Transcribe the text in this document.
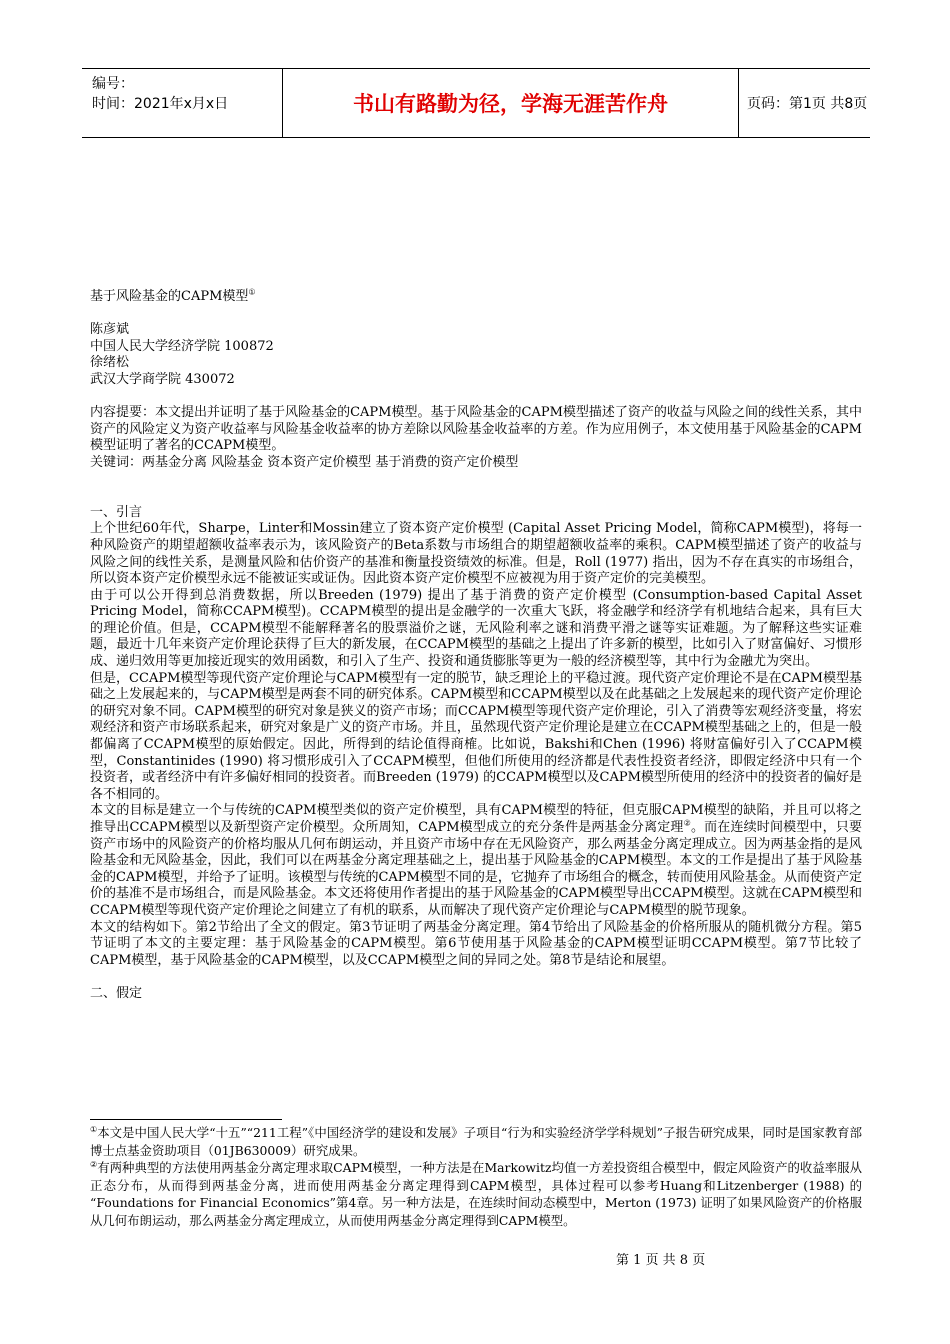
编号：
时间：2021年x月x日	书山有路勤为径，学海无涯苦作舟	页码：第1页 共8页

基于风险基金的CAPM模型①

陈彦斌

中国人民大学经济学院 100872

徐绪松

武汉大学商学院 430072

内容提要：本文提出并证明了基于风险基金的CAPM模型。基于风险基金的CAPM模型描述了资产的收益与风险之间的线性关系，其中资产的风险定义为资产收益率与风险基金收益率的协方差除以风险基金收益率的方差。作为应用例子，本文使用基于风险基金的CAPM模型证明了著名的CCAPM模型。

关键词：两基金分离 风险基金 资本资产定价模型 基于消费的资产定价模型

一、引言

上个世纪60年代，Sharpe，Linter和Mossin建立了资本资产定价模型 (Capital Asset Pricing Model，简称CAPM模型)，将每一种风险资产的期望超额收益率表示为，该风险资产的Beta系数与市场组合的期望超额收益率的乘积。CAPM模型描述了资产的收益与风险之间的线性关系，是测量风险和估价资产的基准和衡量投资绩效的标准。但是，Roll (1977) 指出，因为不存在真实的市场组合，所以资本资产定价模型永远不能被证实或证伪。因此资本资产定价模型不应被视为用于资产定价的完美模型。

由于可以公开得到总消费数据，所以Breeden (1979) 提出了基于消费的资产定价模型 (Consumption-based Capital Asset Pricing Model，简称CCAPM模型)。CCAPM模型的提出是金融学的一次重大飞跃，将金融学和经济学有机地结合起来，具有巨大的理论价值。但是，CCAPM模型不能解释著名的股票溢价之谜，无风险利率之谜和消费平滑之谜等实证难题。为了解释这些实证难题，最近十几年来资产定价理论获得了巨大的新发展，在CCAPM模型的基础之上提出了许多新的模型，比如引入了财富偏好、习惯形成、递归效用等更加接近现实的效用函数，和引入了生产、投资和通货膨胀等更为一般的经济模型等，其中行为金融尤为突出。

但是，CCAPM模型等现代资产定价理论与CAPM模型有一定的脱节，缺乏理论上的平稳过渡。现代资产定价理论不是在CAPM模型基础之上发展起来的，与CAPM模型是两套不同的研究体系。CAPM模型和CCAPM模型以及在此基础之上发展起来的现代资产定价理论的研究对象不同。CAPM模型的研究对象是狭义的资产市场；而CCAPM模型等现代资产定价理论，引入了消费等宏观经济变量，将宏观经济和资产市场联系起来，研究对象是广义的资产市场。并且，虽然现代资产定价理论是建立在CCAPM模型基础之上的，但是一般都偏离了CCAPM模型的原始假定。因此，所得到的结论值得商榷。比如说，Bakshi和Chen (1996) 将财富偏好引入了CCAPM模型，Constantinides (1990) 将习惯形成引入了CCAPM模型，但他们所使用的经济都是代表性投资者经济，即假定经济中只有一个投资者，或者经济中有许多偏好相同的投资者。而Breeden (1979) 的CCAPM模型以及CAPM模型所使用的经济中的投资者的偏好是各不相同的。

本文的目标是建立一个与传统的CAPM模型类似的资产定价模型，具有CAPM模型的特征，但克服CAPM模型的缺陷，并且可以将之推导出CCAPM模型以及新型资产定价模型。众所周知，CAPM模型成立的充分条件是两基金分离定理②。而在连续时间模型中，只要资产市场中的风险资产的价格均服从几何布朗运动，并且资产市场中存在无风险资产，那么两基金分离定理成立。因为两基金指的是风险基金和无风险基金，因此，我们可以在两基金分离定理基础之上，提出基于风险基金的CAPM模型。本文的工作是提出了基于风险基金的CAPM模型，并给予了证明。该模型与传统的CAPM模型不同的是，它抛弃了市场组合的概念，转而使用风险基金。从而使资产定价的基准不是市场组合，而是风险基金。本文还将使用作者提出的基于风险基金的CAPM模型导出CCAPM模型。这就在CAPM模型和CCAPM模型等现代资产定价理论之间建立了有机的联系，从而解决了现代资产定价理论与CAPM模型的脱节现象。

本文的结构如下。第2节给出了全文的假定。第3节证明了两基金分离定理。第4节给出了风险基金的价格所服从的随机微分方程。第5节证明了本文的主要定理：基于风险基金的CAPM模型。第6节使用基于风险基金的CAPM模型证明CCAPM模型。第7节比较了CAPM模型，基于风险基金的CAPM模型，以及CCAPM模型之间的异同之处。第8节是结论和展望。

二、假定

①本文是中国人民大学“十五”“211工程”《中国经济学的建设和发展》子项目“行为和实验经济学学科规划”子报告研究成果，同时是国家教育部博士点基金资助项目（01JB630009）研究成果。

②有两种典型的方法使用两基金分离定理求取CAPM模型，一种方法是在Markowitz均值一方差投资组合模型中，假定风险资产的收益率服从正态分布，从而得到两基金分离，进而使用两基金分离定理得到CAPM模型，具体过程可以参考Huang和Litzenberger (1988) 的 “Foundations for Financial Economics”第4章。另一种方法是，在连续时间动态模型中，Merton (1973) 证明了如果风险资产的价格服从几何布朗运动，那么两基金分离定理成立，从而使用两基金分离定理得到CAPM模型。

第 1 页 共 8 页
